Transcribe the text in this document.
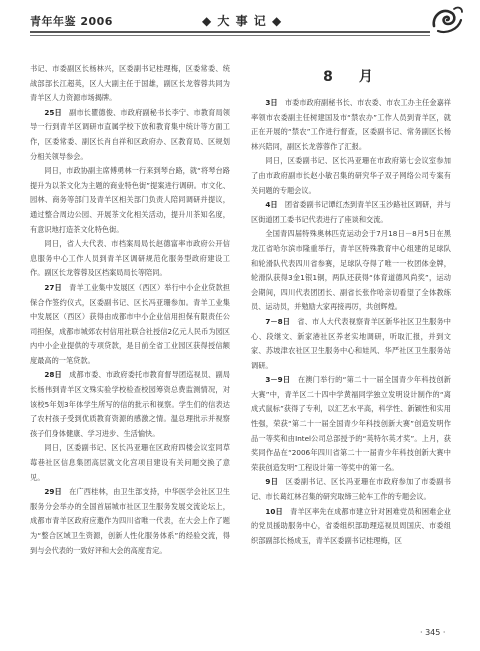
青年年鉴 2006	◆ 大 事 记 ◆

书记、市委副区长杨林兴，区委副书记桂理梅，区委常委、统战部部长江超英，区人大副主任于国雄，副区长龙蓉蓉共同为青羊区人力资源市场揭牌。

25日　 副市长瞿德俊、市政府副秘书长李宁、市教育局领导一行到青羊区调研市直属学校下放和教育集中统计等方面工作，区委常委、副区长肖自祥和区政府办、区教育局、区规划分相关领导参会。

同日，市政协副主席傅勇林一行来到琴台路，就“将琴台路提升为以茶文化为主题的商业特色街”提案进行调研。市文化、园林、商务等部门及青羊区相关部门负责人陪同调研并提议，通过整合周边公园、开展茶文化相关活动，提升川茶知名度，有意识地打造茶文化特色街。

同日，省人大代表、市档案局局长赵德富率市政府公开信息服务中心工作人员到青羊区调研规范化服务型政府建设工作。副区长龙蓉蓉及区档案局局长等陪同。

27日　 青羊工业集中发展区（西区）举行中小企业贷款担保合作签约仪式，区委副书记、区长冯亚珊参加。青羊工业集中发展区（西区）获得由成都市中小企业信用担保有限责任公司担保，成都市城郊农村信用社联合社授信2亿元人民币为园区内中小企业提供的专项贷款，是目前全省工业园区获得授信额度最高的一笔贷款。

28日　 成都市委、市政府委托市教育督导团巡视员、副局长杨伟到青羊区文殊实验学校检查校园筹资总费监测情况，对该校5年划3年体学生所写的信的批示和视察。学生们的信表达了农村孩子受到优质教育资源的感激之情。温总理批示并视察孩子们身体健康、学习进步、生活愉快。

同日，区委副书记、区长冯亚珊在区政府四楼会议室同草莓巷社区信息集团高层就文化宫项目建设有关问题交换了意见。

29日　 在广西桂林，由卫生部支持，中华医学会社区卫生服务分会举办的全国首届城市社区卫生服务发展交流论坛上，成都市青羊区政府应邀作为四川省唯一代表，在大会上作了题为“整合区域卫生资源，创新人性化服务体系”的经验交流，得到与会代表的一致好评和大会的高度肯定。

8　月

3日　 市委市政府副秘书长、市农委、市农工办主任金嘉祥率领市农委副主任树建国及市“禁农办”工作人员到青羊区，就正在开展的“禁农”工作进行督查，区委副书记、常务副区长杨林兴陪同，副区长龙蓉蓉作了汇报。

同日，区委副书记、区长冯亚珊在市政府第七会议室参加了由市政府副市长赵小敏召集的研究华子双子网络公司专案有关问题的专题会议。

4日　 团省委副书记谭红杰到青羊区玉沙路社区调研，并与区街道团工委书记代表进行了座谈和交流。

全国青四届特殊奥林匹克运动会于7月18日－8月5日在黑龙江省哈尔滨市隆重举行，青羊区特殊教育中心组建的足球队和轮滑队代表四川省参赛，足球队夺得了唯一一枚团体金牌，轮滑队获得3金1银1铜，两队还获得“体育道德风尚奖”，运动会期间，四川代表团团长、副省长张作哈亲切看望了全体教练员、运动员，并勉励大家再接再厉，共创辉煌。

7－8日　 省、市人大代表视察青羊区新华社区卫生服务中心、段继文、新家港社区养老实地调研，听取汇报，并到文家、苏坡津农社区卫生服务中心和娃风、华严社区卫生服务站调研。

3－9日　 在澳门举行的“第二十一届全国青少年科技创新大赛”中，青羊区二十四中学黄福同学独立发明设计制作的“离成式鼠标”获得了专利，以汇艺水平高，科学性、新颖性和实用性强，荣获“第二十一届全国青少年科技创新大赛”创造发明作品一等奖和由Intel公司总部授予的“英特尔英才奖”。上月，获奖同作品在“2006年四川省第二十一届青少年科技创新大赛中荣获创造发明”工程设计第一等奖中的第一名。

9日　 区委副书记、区长冯亚珊在市政府参加了市委副书记、市长葛红林召集的研究取缔三轮车工作的专题会议。

10日　 青羊区率先在成都市建立针对困难党员和困难企业的党员援助服务中心，省委组织部助理巡视员周国庆、市委组织部副部长杨成玉，青羊区委副书记桂理梅，区

· 345 ·
